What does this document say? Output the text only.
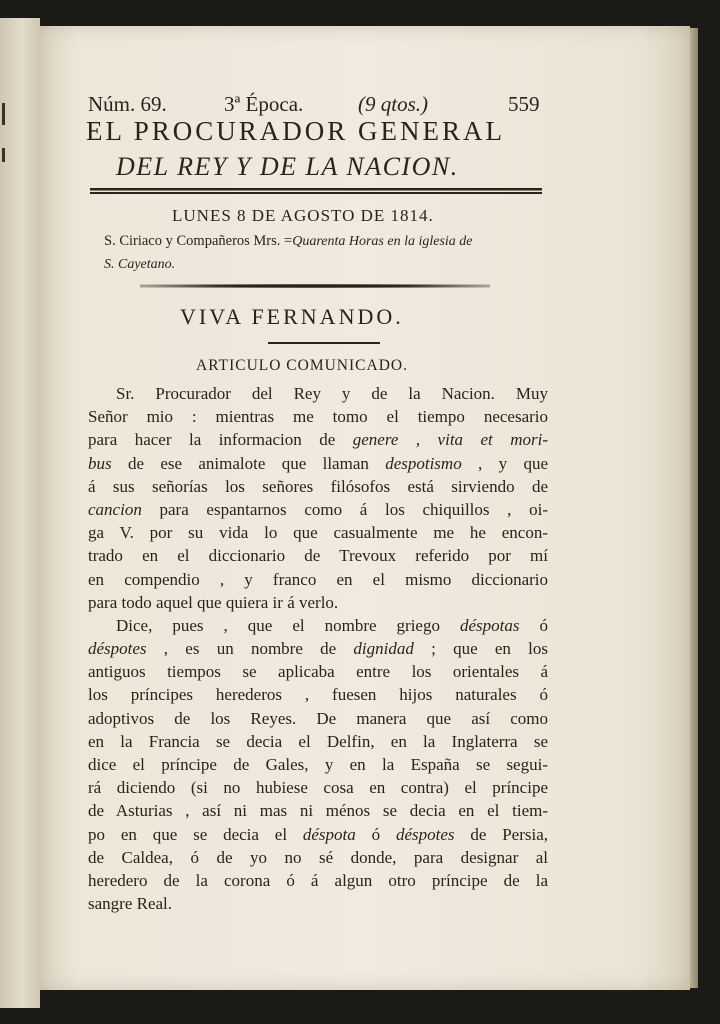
Núm. 69.	3ª Época.	(9 qtos.)	559
EL PROCURADOR GENERAL
DEL REY Y DE LA NACION.
LUNES 8 DE AGOSTO DE 1814.
S. Ciriaco y Compañeros Mrs. =Quarenta Horas en la iglesia de
S. Cayetano.
VIVA FERNANDO.
ARTICULO COMUNICADO.
Sr. Procurador del Rey y de la Nacion. Muy
Señor mio : mientras me tomo el tiempo necesario
para hacer la informacion de genere , vita et mori-
bus de ese animalote que llaman despotismo , y que
á sus señorías los señores filósofos está sirviendo de
cancion para espantarnos como á los chiquillos , oi-
ga V. por su vida lo que casualmente me he encon-
trado en el diccionario de Trevoux referido por mí
en compendio , y franco en el mismo diccionario
para todo aquel que quiera ir á verlo.
Dice, pues , que el nombre griego déspotas ó
déspotes , es un nombre de dignidad ; que en los
antiguos tiempos se aplicaba entre los orientales á
los príncipes herederos , fuesen hijos naturales ó
adoptivos de los Reyes. De manera que así como
en la Francia se decia el Delfin, en la Inglaterra se
dice el príncipe de Gales, y en la España se segui-
rá diciendo (si no hubiese cosa en contra) el príncipe
de Asturias , así ni mas ni ménos se decia en el tiem-
po en que se decia el déspota ó déspotes de Persia,
de Caldea, ó de yo no sé donde, para designar al
heredero de la corona ó á algun otro príncipe de la
sangre Real.
